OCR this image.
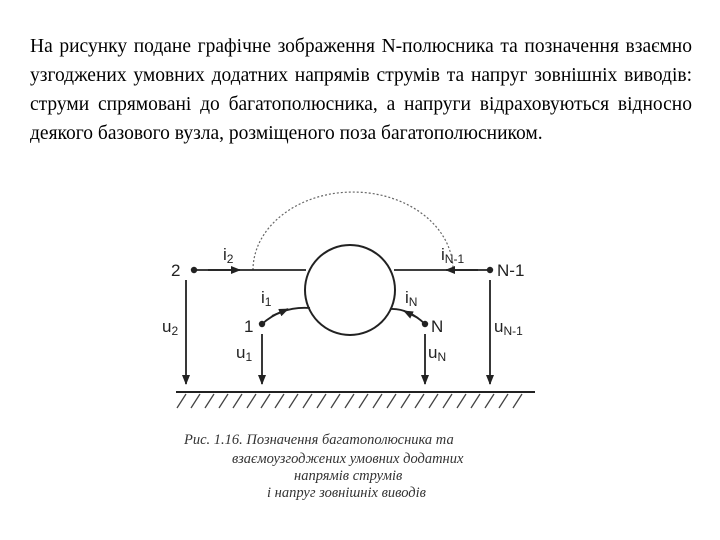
На рисунку подане графічне зображення N-полюсника та позначення взаємно узгоджених умовних додатних напрямів струмів та напруг зовнішніх виводів: струми спрямовані до багатополюсника, а напруги відраховуються відносно деякого базового вузла, розміщеного поза багатополюсником.

2
1	N
N-1
i2	iN-1
i1	iN
u2
u1	uN
uN-1
Рис. 1.16. Позначення багатополюсника та
взаємоузгоджених умовних додатних
напрямів струмів
і напруг зовнішніх виводів
